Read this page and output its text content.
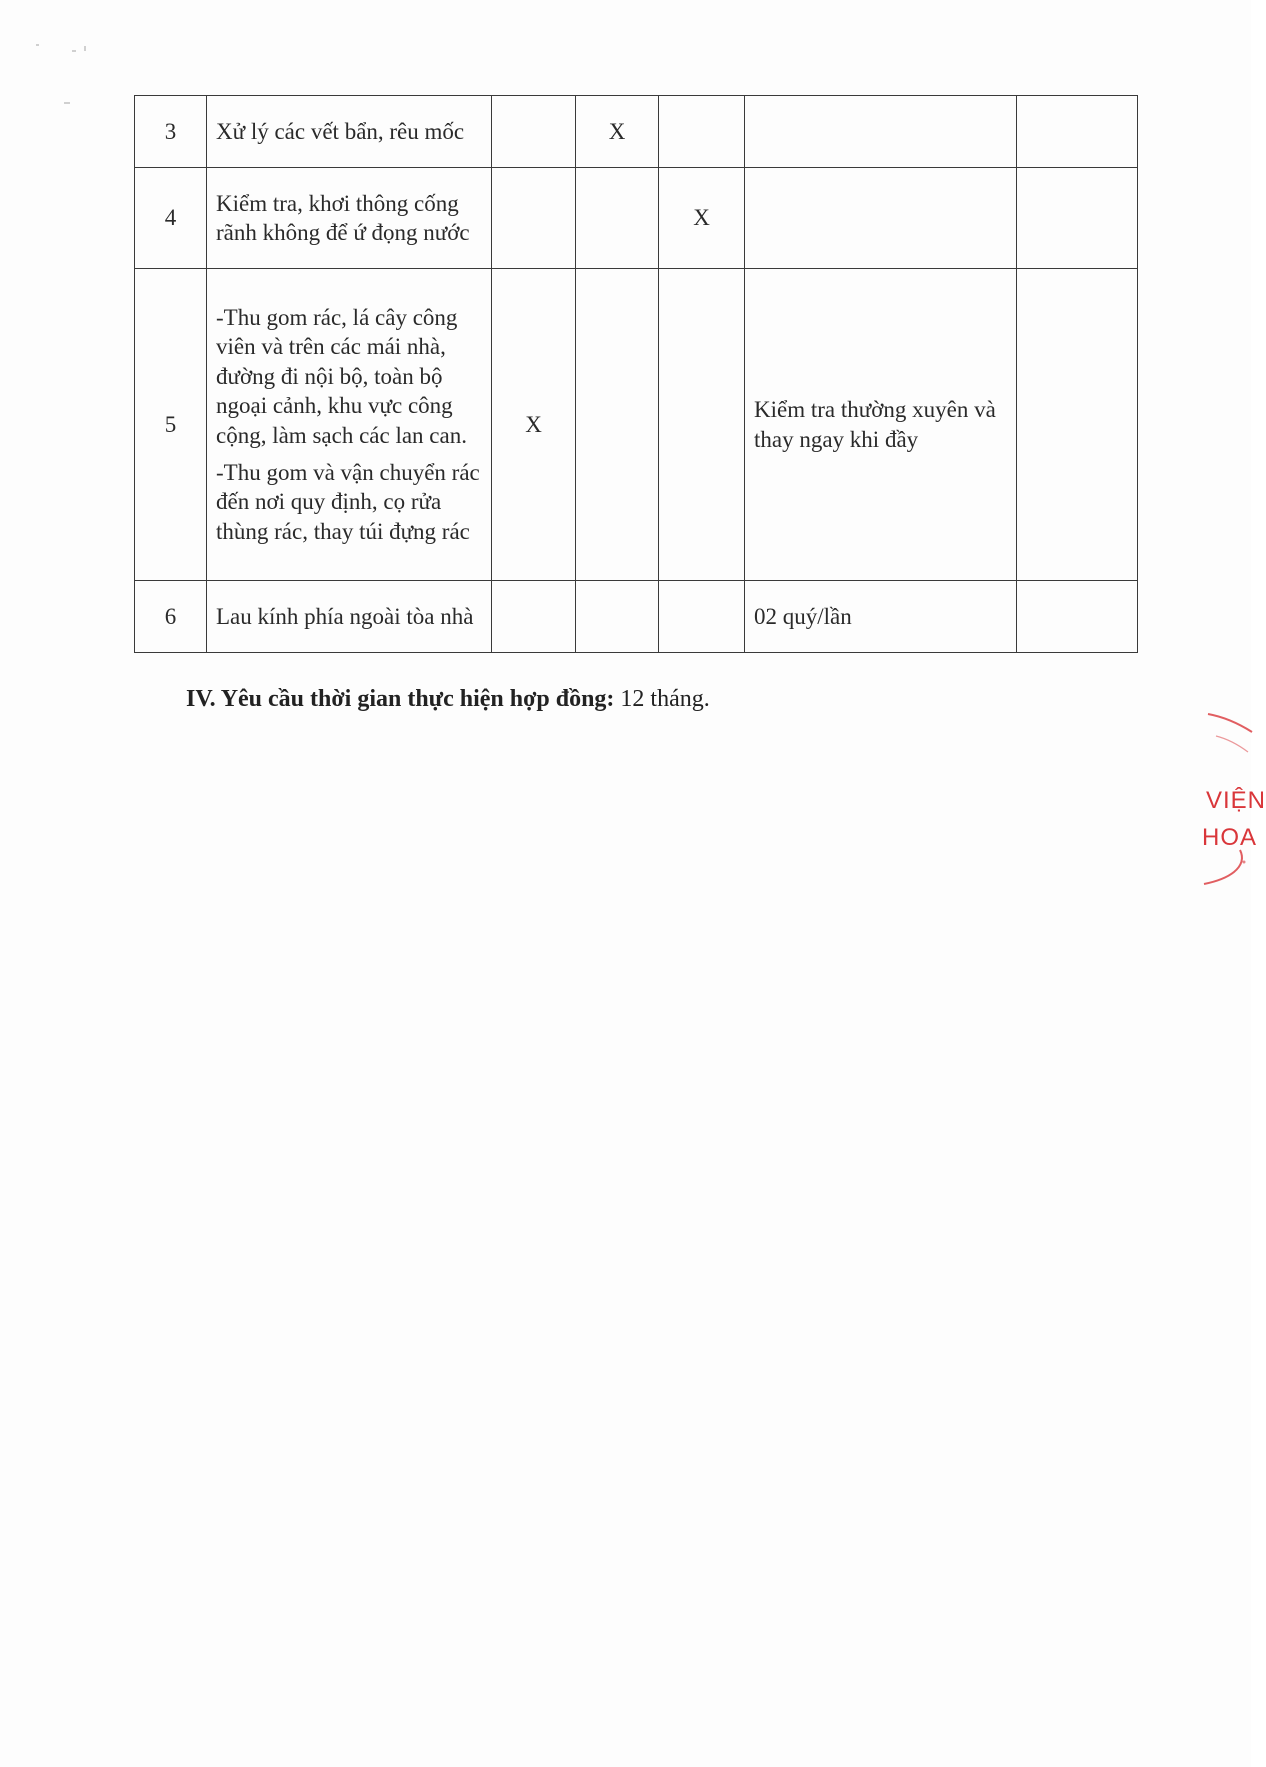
3	Xử lý các vết bẩn, rêu mốc		X			
4	Kiểm tra, khơi thông cống rãnh không để ứ đọng nước			X		
5	-Thu gom rác, lá cây công viên và trên các mái nhà, đường đi nội bộ, toàn bộ ngoại cảnh, khu vực công cộng, làm sạch các lan can.

-Thu gom và vận chuyển rác đến nơi quy định, cọ rửa thùng rác, thay túi đựng rác	X			Kiểm tra thường xuyên và thay ngay khi đầy	
6	Lau kính phía ngoài tòa nhà				02 quý/lần	
IV. Yêu cầu thời gian thực hiện hợp đồng: 12 tháng.
VIỆN
HOA
